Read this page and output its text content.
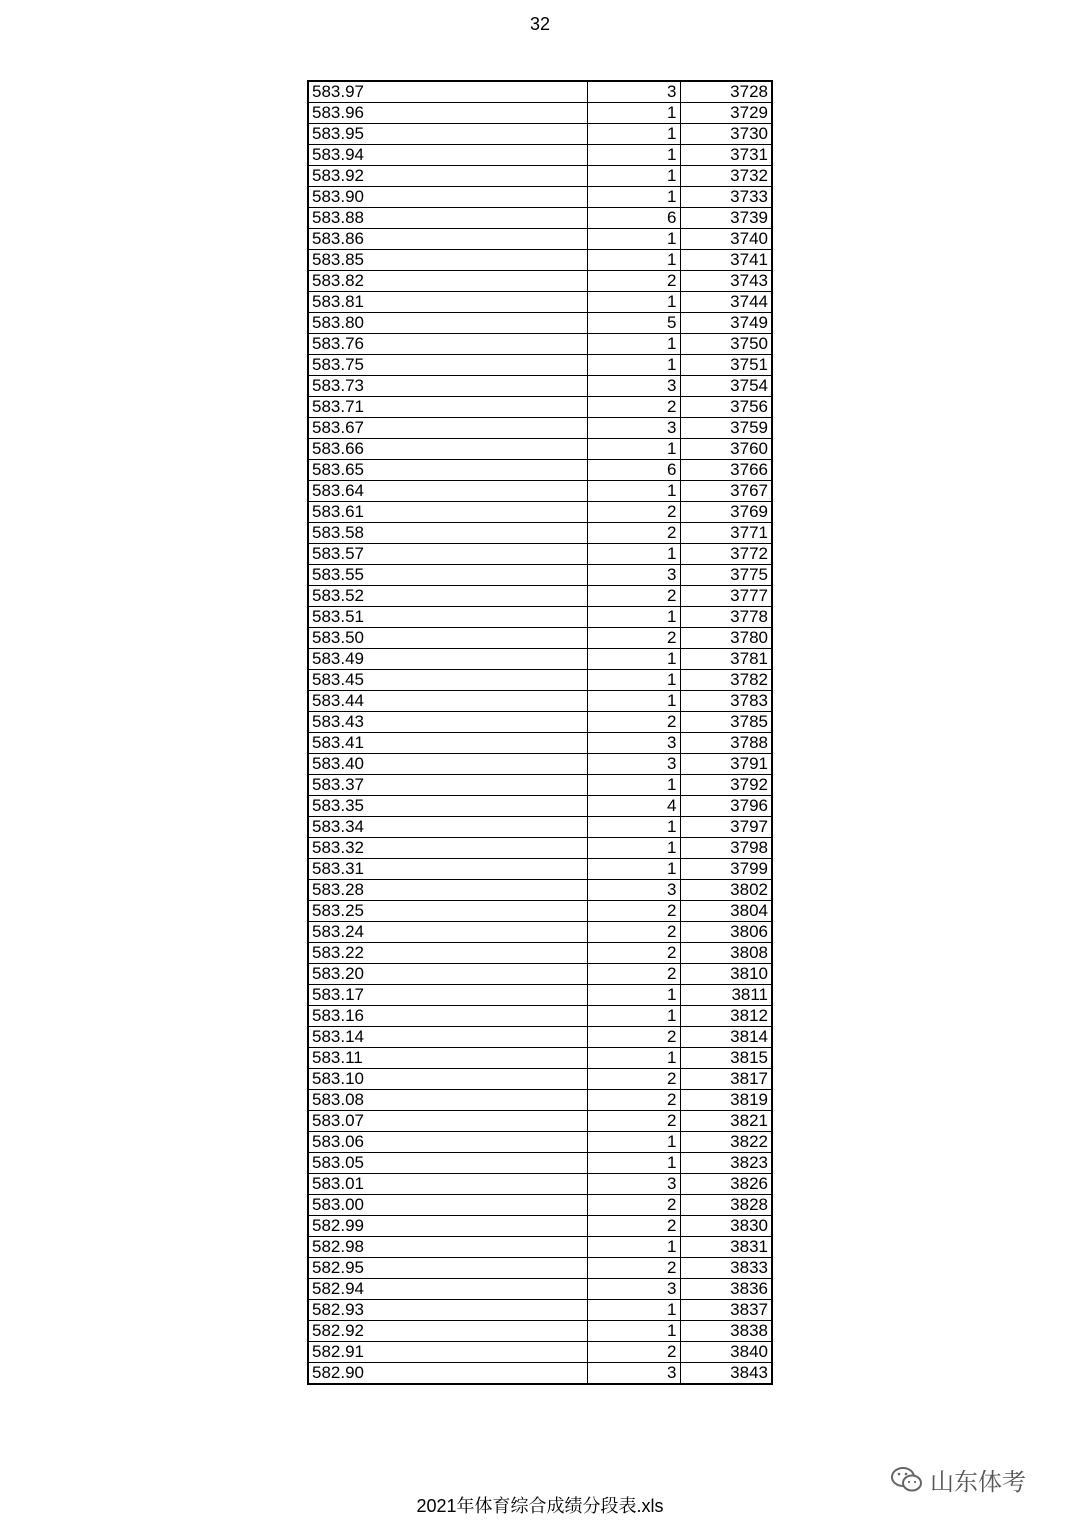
32
583.97	3	3728
583.96	1	3729
583.95	1	3730
583.94	1	3731
583.92	1	3732
583.90	1	3733
583.88	6	3739
583.86	1	3740
583.85	1	3741
583.82	2	3743
583.81	1	3744
583.80	5	3749
583.76	1	3750
583.75	1	3751
583.73	3	3754
583.71	2	3756
583.67	3	3759
583.66	1	3760
583.65	6	3766
583.64	1	3767
583.61	2	3769
583.58	2	3771
583.57	1	3772
583.55	3	3775
583.52	2	3777
583.51	1	3778
583.50	2	3780
583.49	1	3781
583.45	1	3782
583.44	1	3783
583.43	2	3785
583.41	3	3788
583.40	3	3791
583.37	1	3792
583.35	4	3796
583.34	1	3797
583.32	1	3798
583.31	1	3799
583.28	3	3802
583.25	2	3804
583.24	2	3806
583.22	2	3808
583.20	2	3810
583.17	1	3811
583.16	1	3812
583.14	2	3814
583.11	1	3815
583.10	2	3817
583.08	2	3819
583.07	2	3821
583.06	1	3822
583.05	1	3823
583.01	3	3826
583.00	2	3828
582.99	2	3830
582.98	1	3831
582.95	2	3833
582.94	3	3836
582.93	1	3837
582.92	1	3838
582.91	2	3840
582.90	3	3843
2021年体育综合成绩分段表.xls
山东体考
